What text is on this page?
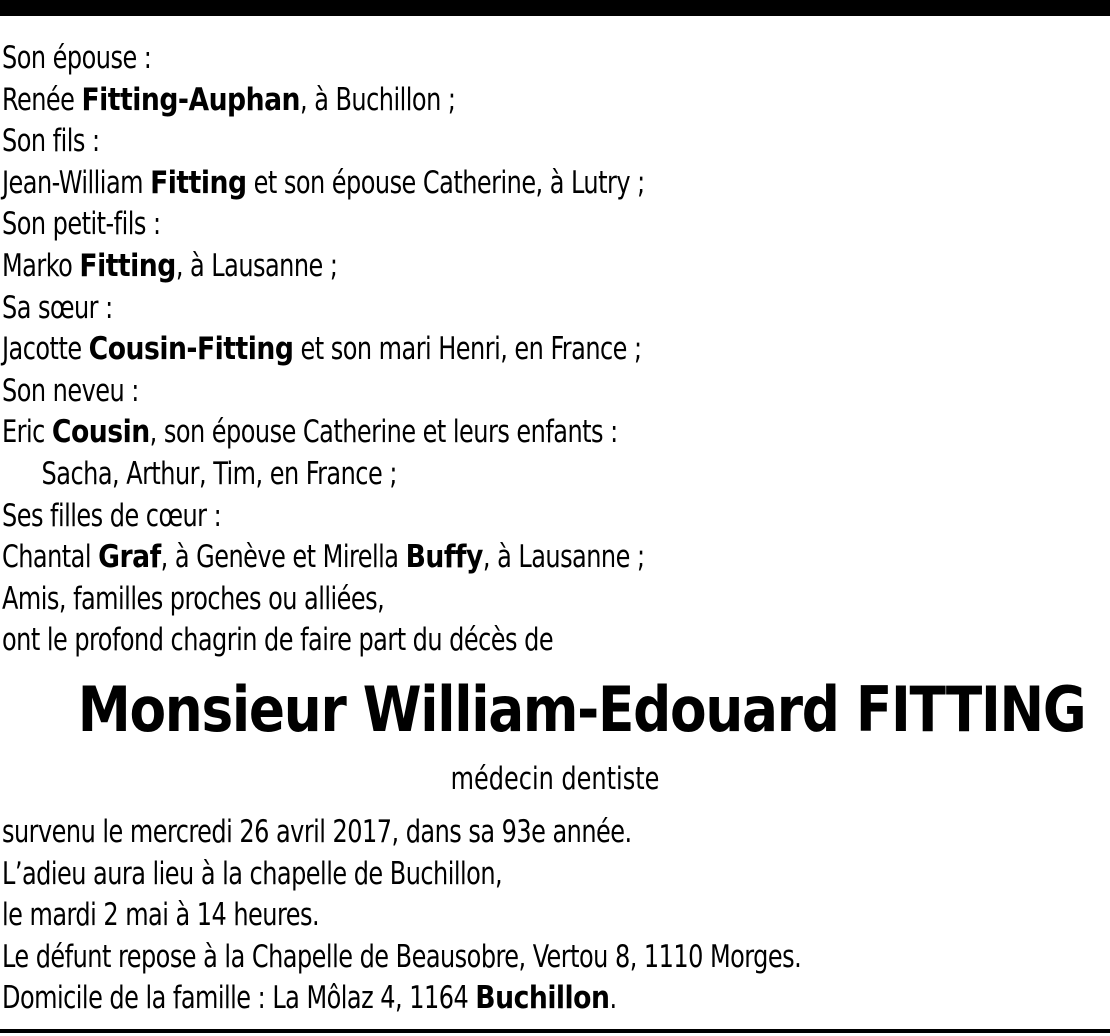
Son épouse :
Renée Fitting-Auphan, à Buchillon ;
Son fils :
Jean-William Fitting et son épouse Catherine, à Lutry ;
Son petit-fils :
Marko Fitting, à Lausanne ;
Sa sœur :
Jacotte Cousin-Fitting et son mari Henri, en France ;
Son neveu :
Eric Cousin, son épouse Catherine et leurs enfants :
Sacha, Arthur, Tim, en France ;
Ses filles de cœur :
Chantal Graf, à Genève et Mirella Buffy, à Lausanne ;
Amis, familles proches ou alliées,
ont le profond chagrin de faire part du décès de
Monsieur William-Edouard FITTING
médecin dentiste
survenu le mercredi 26 avril 2017, dans sa 93e année.
L’adieu aura lieu à la chapelle de Buchillon,
le mardi 2 mai à 14 heures.
Le défunt repose à la Chapelle de Beausobre, Vertou 8, 1110 Morges.
Domicile de la famille : La Môlaz 4, 1164 Buchillon.
